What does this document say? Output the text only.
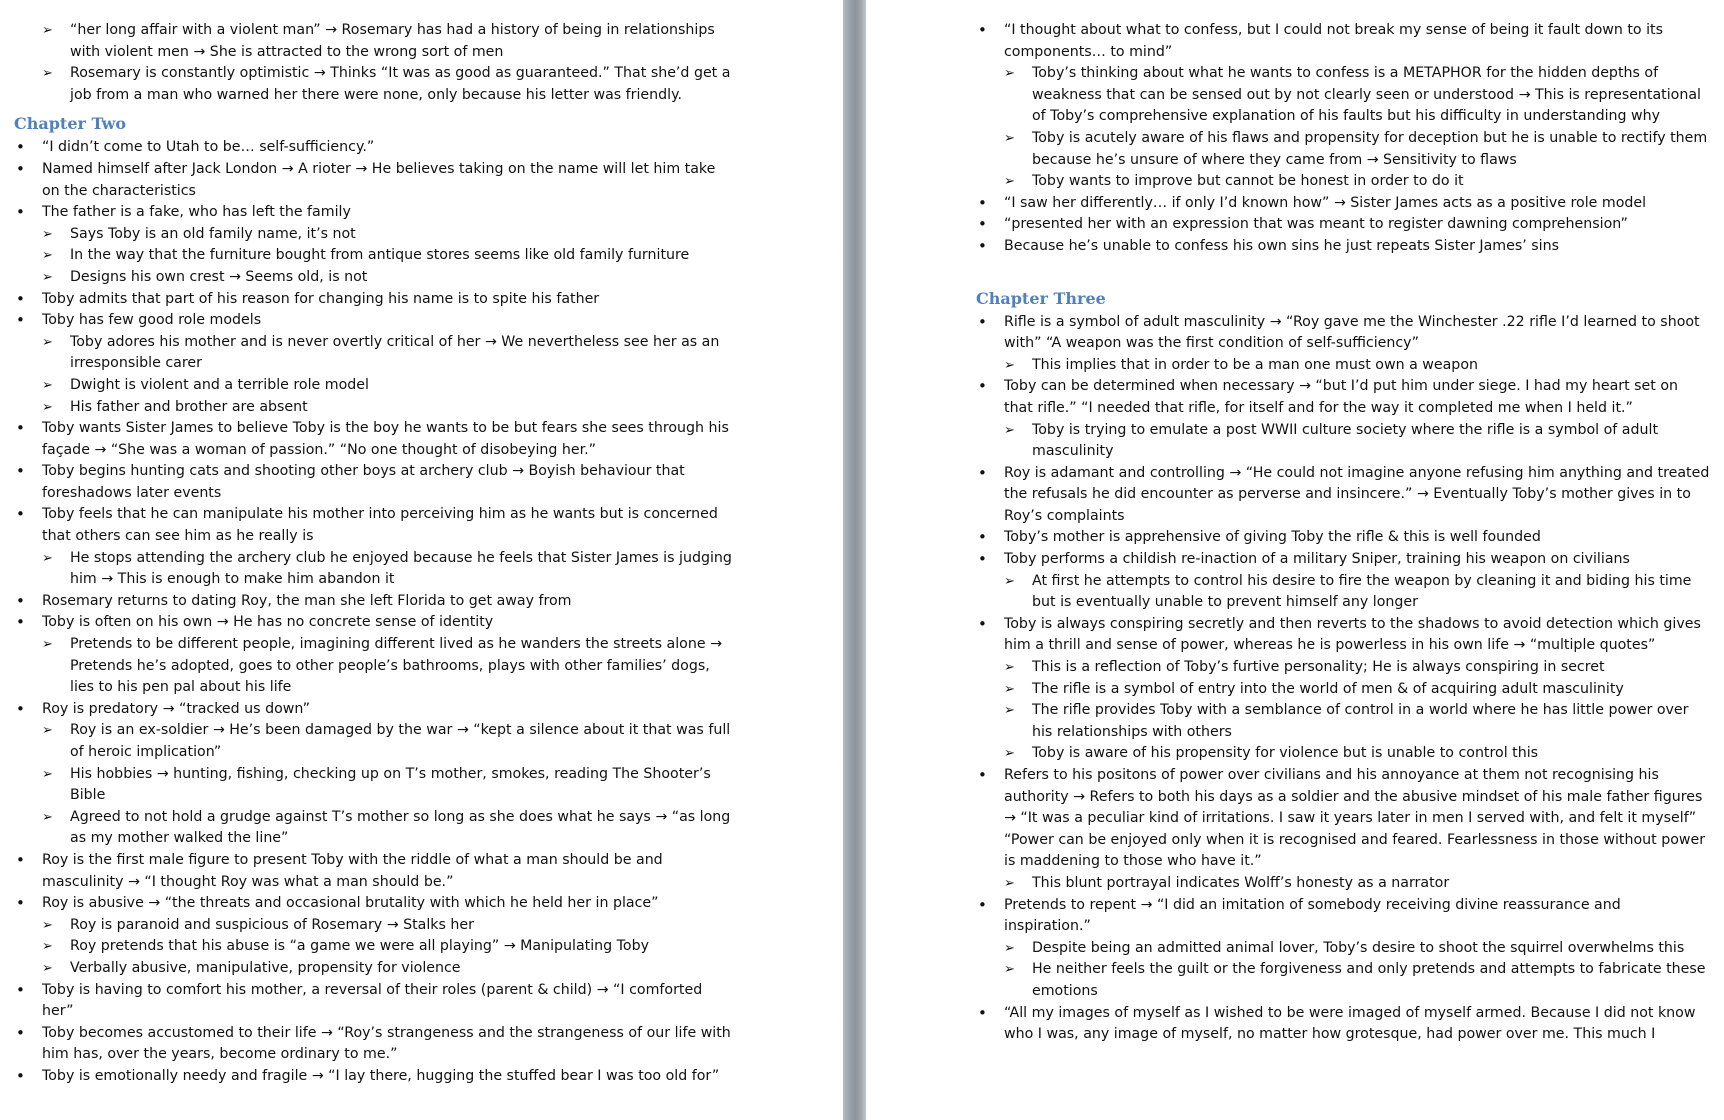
➢ “her long affair with a violent man” → Rosemary has had a history of being in relationships with violent men → She is attracted to the wrong sort of men
➢ Rosemary is constantly optimistic → Thinks “It was as good as guaranteed.” That she’d get a job from a man who warned her there were none, only because his letter was friendly.
Chapter Two
• “I didn’t come to Utah to be… self-sufficiency.”
• Named himself after Jack London → A rioter → He believes taking on the name will let him take on the characteristics
• The father is a fake, who has left the family
➢ Says Toby is an old family name, it’s not
➢ In the way that the furniture bought from antique stores seems like old family furniture
➢ Designs his own crest → Seems old, is not
• Toby admits that part of his reason for changing his name is to spite his father
• Toby has few good role models
➢ Toby adores his mother and is never overtly critical of her → We nevertheless see her as an irresponsible carer
➢ Dwight is violent and a terrible role model
➢ His father and brother are absent
• Toby wants Sister James to believe Toby is the boy he wants to be but fears she sees through his façade → “She was a woman of passion.” “No one thought of disobeying her.”
• Toby begins hunting cats and shooting other boys at archery club → Boyish behaviour that foreshadows later events
• Toby feels that he can manipulate his mother into perceiving him as he wants but is concerned that others can see him as he really is
➢ He stops attending the archery club he enjoyed because he feels that Sister James is judging him → This is enough to make him abandon it
• Rosemary returns to dating Roy, the man she left Florida to get away from
• Toby is often on his own → He has no concrete sense of identity
➢ Pretends to be different people, imagining different lived as he wanders the streets alone → Pretends he’s adopted, goes to other people’s bathrooms, plays with other families’ dogs, lies to his pen pal about his life
• Roy is predatory → “tracked us down”
➢ Roy is an ex-soldier → He’s been damaged by the war → “kept a silence about it that was full of heroic implication”
➢ His hobbies → hunting, fishing, checking up on T’s mother, smokes, reading The Shooter’s Bible
➢ Agreed to not hold a grudge against T’s mother so long as she does what he says → “as long as my mother walked the line”
• Roy is the first male figure to present Toby with the riddle of what a man should be and masculinity → “I thought Roy was what a man should be.”
• Roy is abusive → “the threats and occasional brutality with which he held her in place”
➢ Roy is paranoid and suspicious of Rosemary → Stalks her
➢ Roy pretends that his abuse is “a game we were all playing” → Manipulating Toby
➢ Verbally abusive, manipulative, propensity for violence
• Toby is having to comfort his mother, a reversal of their roles (parent & child) → “I comforted her”
• Toby becomes accustomed to their life → “Roy’s strangeness and the strangeness of our life with him has, over the years, become ordinary to me.”
• Toby is emotionally needy and fragile → “I lay there, hugging the stuffed bear I was too old for”
• “I thought about what to confess, but I could not break my sense of being it fault down to its components… to mind”
➢ Toby’s thinking about what he wants to confess is a METAPHOR for the hidden depths of weakness that can be sensed out by not clearly seen or understood → This is representational of Toby’s comprehensive explanation of his faults but his difficulty in understanding why
➢ Toby is acutely aware of his flaws and propensity for deception but he is unable to rectify them because he’s unsure of where they came from → Sensitivity to flaws
➢ Toby wants to improve but cannot be honest in order to do it
• “I saw her differently… if only I’d known how” → Sister James acts as a positive role model
• “presented her with an expression that was meant to register dawning comprehension”
• Because he’s unable to confess his own sins he just repeats Sister James’ sins
Chapter Three
• Rifle is a symbol of adult masculinity → “Roy gave me the Winchester .22 rifle I’d learned to shoot with” “A weapon was the first condition of self-sufficiency”
➢ This implies that in order to be a man one must own a weapon
• Toby can be determined when necessary → “but I’d put him under siege. I had my heart set on that rifle.” “I needed that rifle, for itself and for the way it completed me when I held it.”
➢ Toby is trying to emulate a post WWII culture society where the rifle is a symbol of adult masculinity
• Roy is adamant and controlling → “He could not imagine anyone refusing him anything and treated the refusals he did encounter as perverse and insincere.” → Eventually Toby’s mother gives in to Roy’s complaints
• Toby’s mother is apprehensive of giving Toby the rifle & this is well founded
• Toby performs a childish re-inaction of a military Sniper, training his weapon on civilians
➢ At first he attempts to control his desire to fire the weapon by cleaning it and biding his time but is eventually unable to prevent himself any longer
• Toby is always conspiring secretly and then reverts to the shadows to avoid detection which gives him a thrill and sense of power, whereas he is powerless in his own life → “multiple quotes”
➢ This is a reflection of Toby’s furtive personality; He is always conspiring in secret
➢ The rifle is a symbol of entry into the world of men & of acquiring adult masculinity
➢ The rifle provides Toby with a semblance of control in a world where he has little power over his relationships with others
➢ Toby is aware of his propensity for violence but is unable to control this
• Refers to his positons of power over civilians and his annoyance at them not recognising his authority → Refers to both his days as a soldier and the abusive mindset of his male father figures → “It was a peculiar kind of irritations. I saw it years later in men I served with, and felt it myself” “Power can be enjoyed only when it is recognised and feared. Fearlessness in those without power is maddening to those who have it.”
➢ This blunt portrayal indicates Wolff’s honesty as a narrator
• Pretends to repent → “I did an imitation of somebody receiving divine reassurance and inspiration.”
➢ Despite being an admitted animal lover, Toby’s desire to shoot the squirrel overwhelms this
➢ He neither feels the guilt or the forgiveness and only pretends and attempts to fabricate these emotions
• “All my images of myself as I wished to be were imaged of myself armed. Because I did not know who I was, any image of myself, no matter how grotesque, had power over me. This much I
